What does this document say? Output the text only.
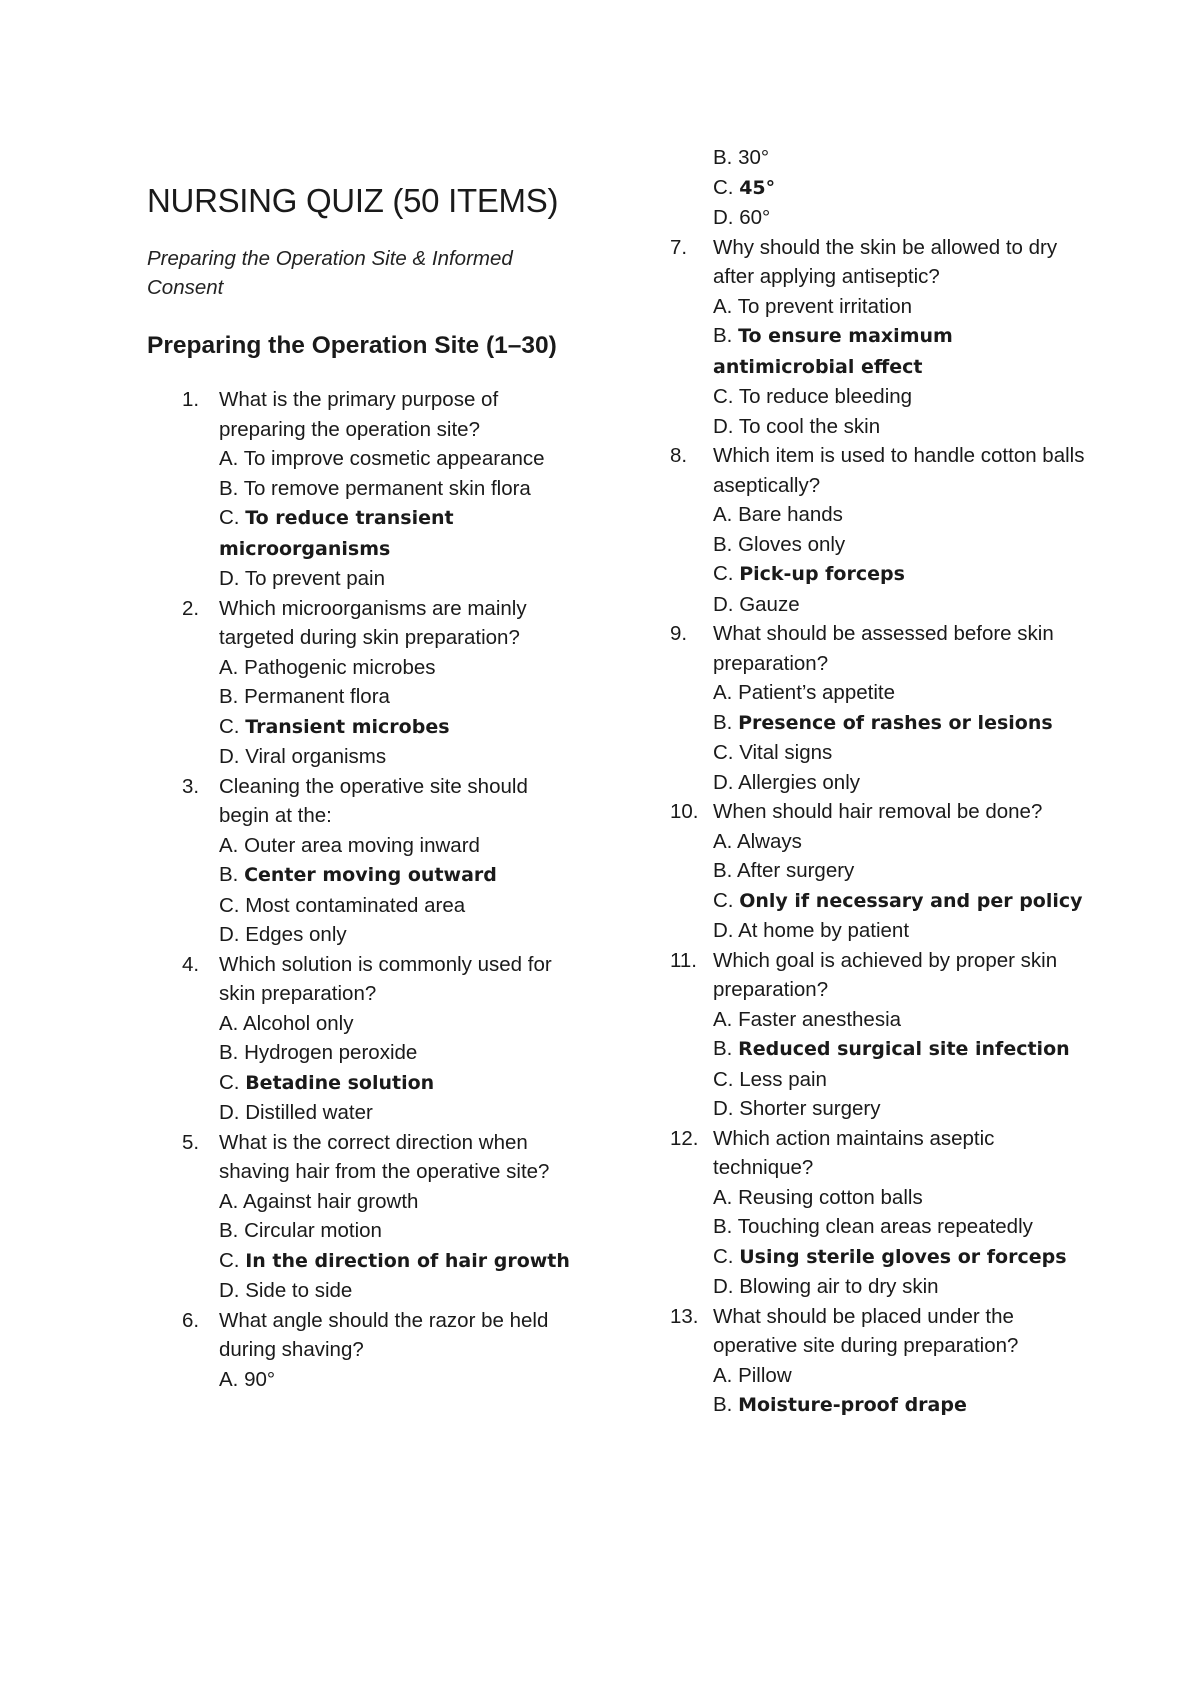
NURSING QUIZ (50 ITEMS)

Preparing the Operation Site & Informed Consent

Preparing the Operation Site (1–30)
1. What is the primary purpose of preparing the operation site?
A. To improve cosmetic appearance
B. To remove permanent skin flora
C. To reduce transient microorganisms
D. To prevent pain
2. Which microorganisms are mainly targeted during skin preparation?
A. Pathogenic microbes
B. Permanent flora
C. Transient microbes
D. Viral organisms
3. Cleaning the operative site should begin at the:
A. Outer area moving inward
B. Center moving outward
C. Most contaminated area
D. Edges only
4. Which solution is commonly used for skin preparation?
A. Alcohol only
B. Hydrogen peroxide
C. Betadine solution
D. Distilled water
5. What is the correct direction when shaving hair from the operative site?
A. Against hair growth
B. Circular motion
C. In the direction of hair growth
D. Side to side
6. What angle should the razor be held during shaving?
A. 90°
B. 30°
C. 45°
D. 60°
7. Why should the skin be allowed to dry after applying antiseptic?
A. To prevent irritation
B. To ensure maximum antimicrobial effect
C. To reduce bleeding
D. To cool the skin
8. Which item is used to handle cotton balls aseptically?
A. Bare hands
B. Gloves only
C. Pick-up forceps
D. Gauze
9. What should be assessed before skin preparation?
A. Patient’s appetite
B. Presence of rashes or lesions
C. Vital signs
D. Allergies only
10. When should hair removal be done?
A. Always
B. After surgery
C. Only if necessary and per policy
D. At home by patient
11. Which goal is achieved by proper skin preparation?
A. Faster anesthesia
B. Reduced surgical site infection
C. Less pain
D. Shorter surgery
12. Which action maintains aseptic technique?
A. Reusing cotton balls
B. Touching clean areas repeatedly
C. Using sterile gloves or forceps
D. Blowing air to dry skin
13. What should be placed under the operative site during preparation?
A. Pillow
B. Moisture-proof drape
